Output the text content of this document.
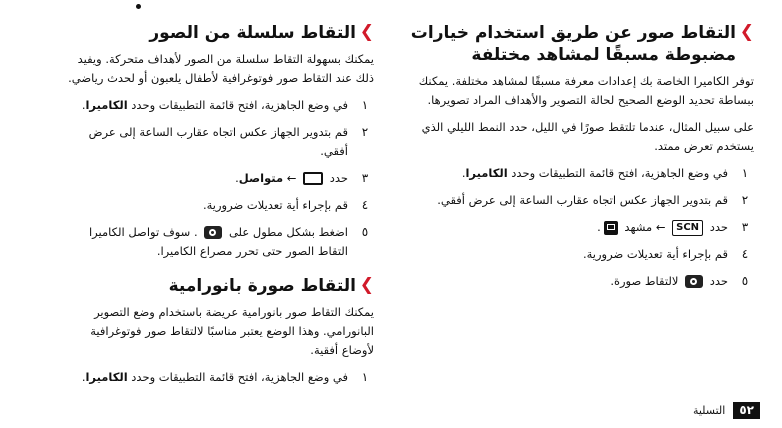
❯
التقاط صور عن طريق استخدام خيارات مضبوطة مسبقًا لمشاهد مختلفة

توفر الكاميرا الخاصة بك إعدادات معرفة مسبقًا لمشاهد مختلفة. يمكنك ببساطة تحديد الوضع الصحيح لحالة التصوير والأهداف المراد تصويرها.

على سبيل المثال، عندما تلتقط صورًا في الليل، حدد النمط الليلي الذي يستخدم تعرض ممتد.

١
في وضع الجاهزية، افتح قائمة التطبيقات وحدد الكاميرا.
٢
قم بتدوير الجهاز عكس اتجاه عقارب الساعة إلى عرض أفقي.
٣
حدد SCN ← مشهد .
٤
قم بإجراء أية تعديلات ضرورية.
٥
حدد  لالتقاط صورة.
❯
التقاط سلسلة من الصور

يمكنك بسهولة التقاط سلسلة من الصور لأهداف متحركة. ويفيد ذلك عند التقاط صور فوتوغرافية لأطفال يلعبون أو لحدث رياضي.

١
في وضع الجاهزية، افتح قائمة التطبيقات وحدد الكاميرا.
٢
قم بتدوير الجهاز عكس اتجاه عقارب الساعة إلى عرض أفقي.
٣
حدد  ← متواصل.
٤
قم بإجراء أية تعديلات ضرورية.
٥
اضغط بشكل مطول على  . سوف تواصل الكاميرا التقاط الصور حتى تحرر مصراع الكاميرا.
❯
التقاط صورة بانورامية

يمكنك التقاط صور بانورامية عريضة باستخدام وضع التصوير البانورامي. وهذا الوضع يعتبر مناسبًا لالتقاط صور فوتوغرافية لأوضاع أفقية.

١
في وضع الجاهزية، افتح قائمة التطبيقات وحدد الكاميرا.
٥٢
التسلية
